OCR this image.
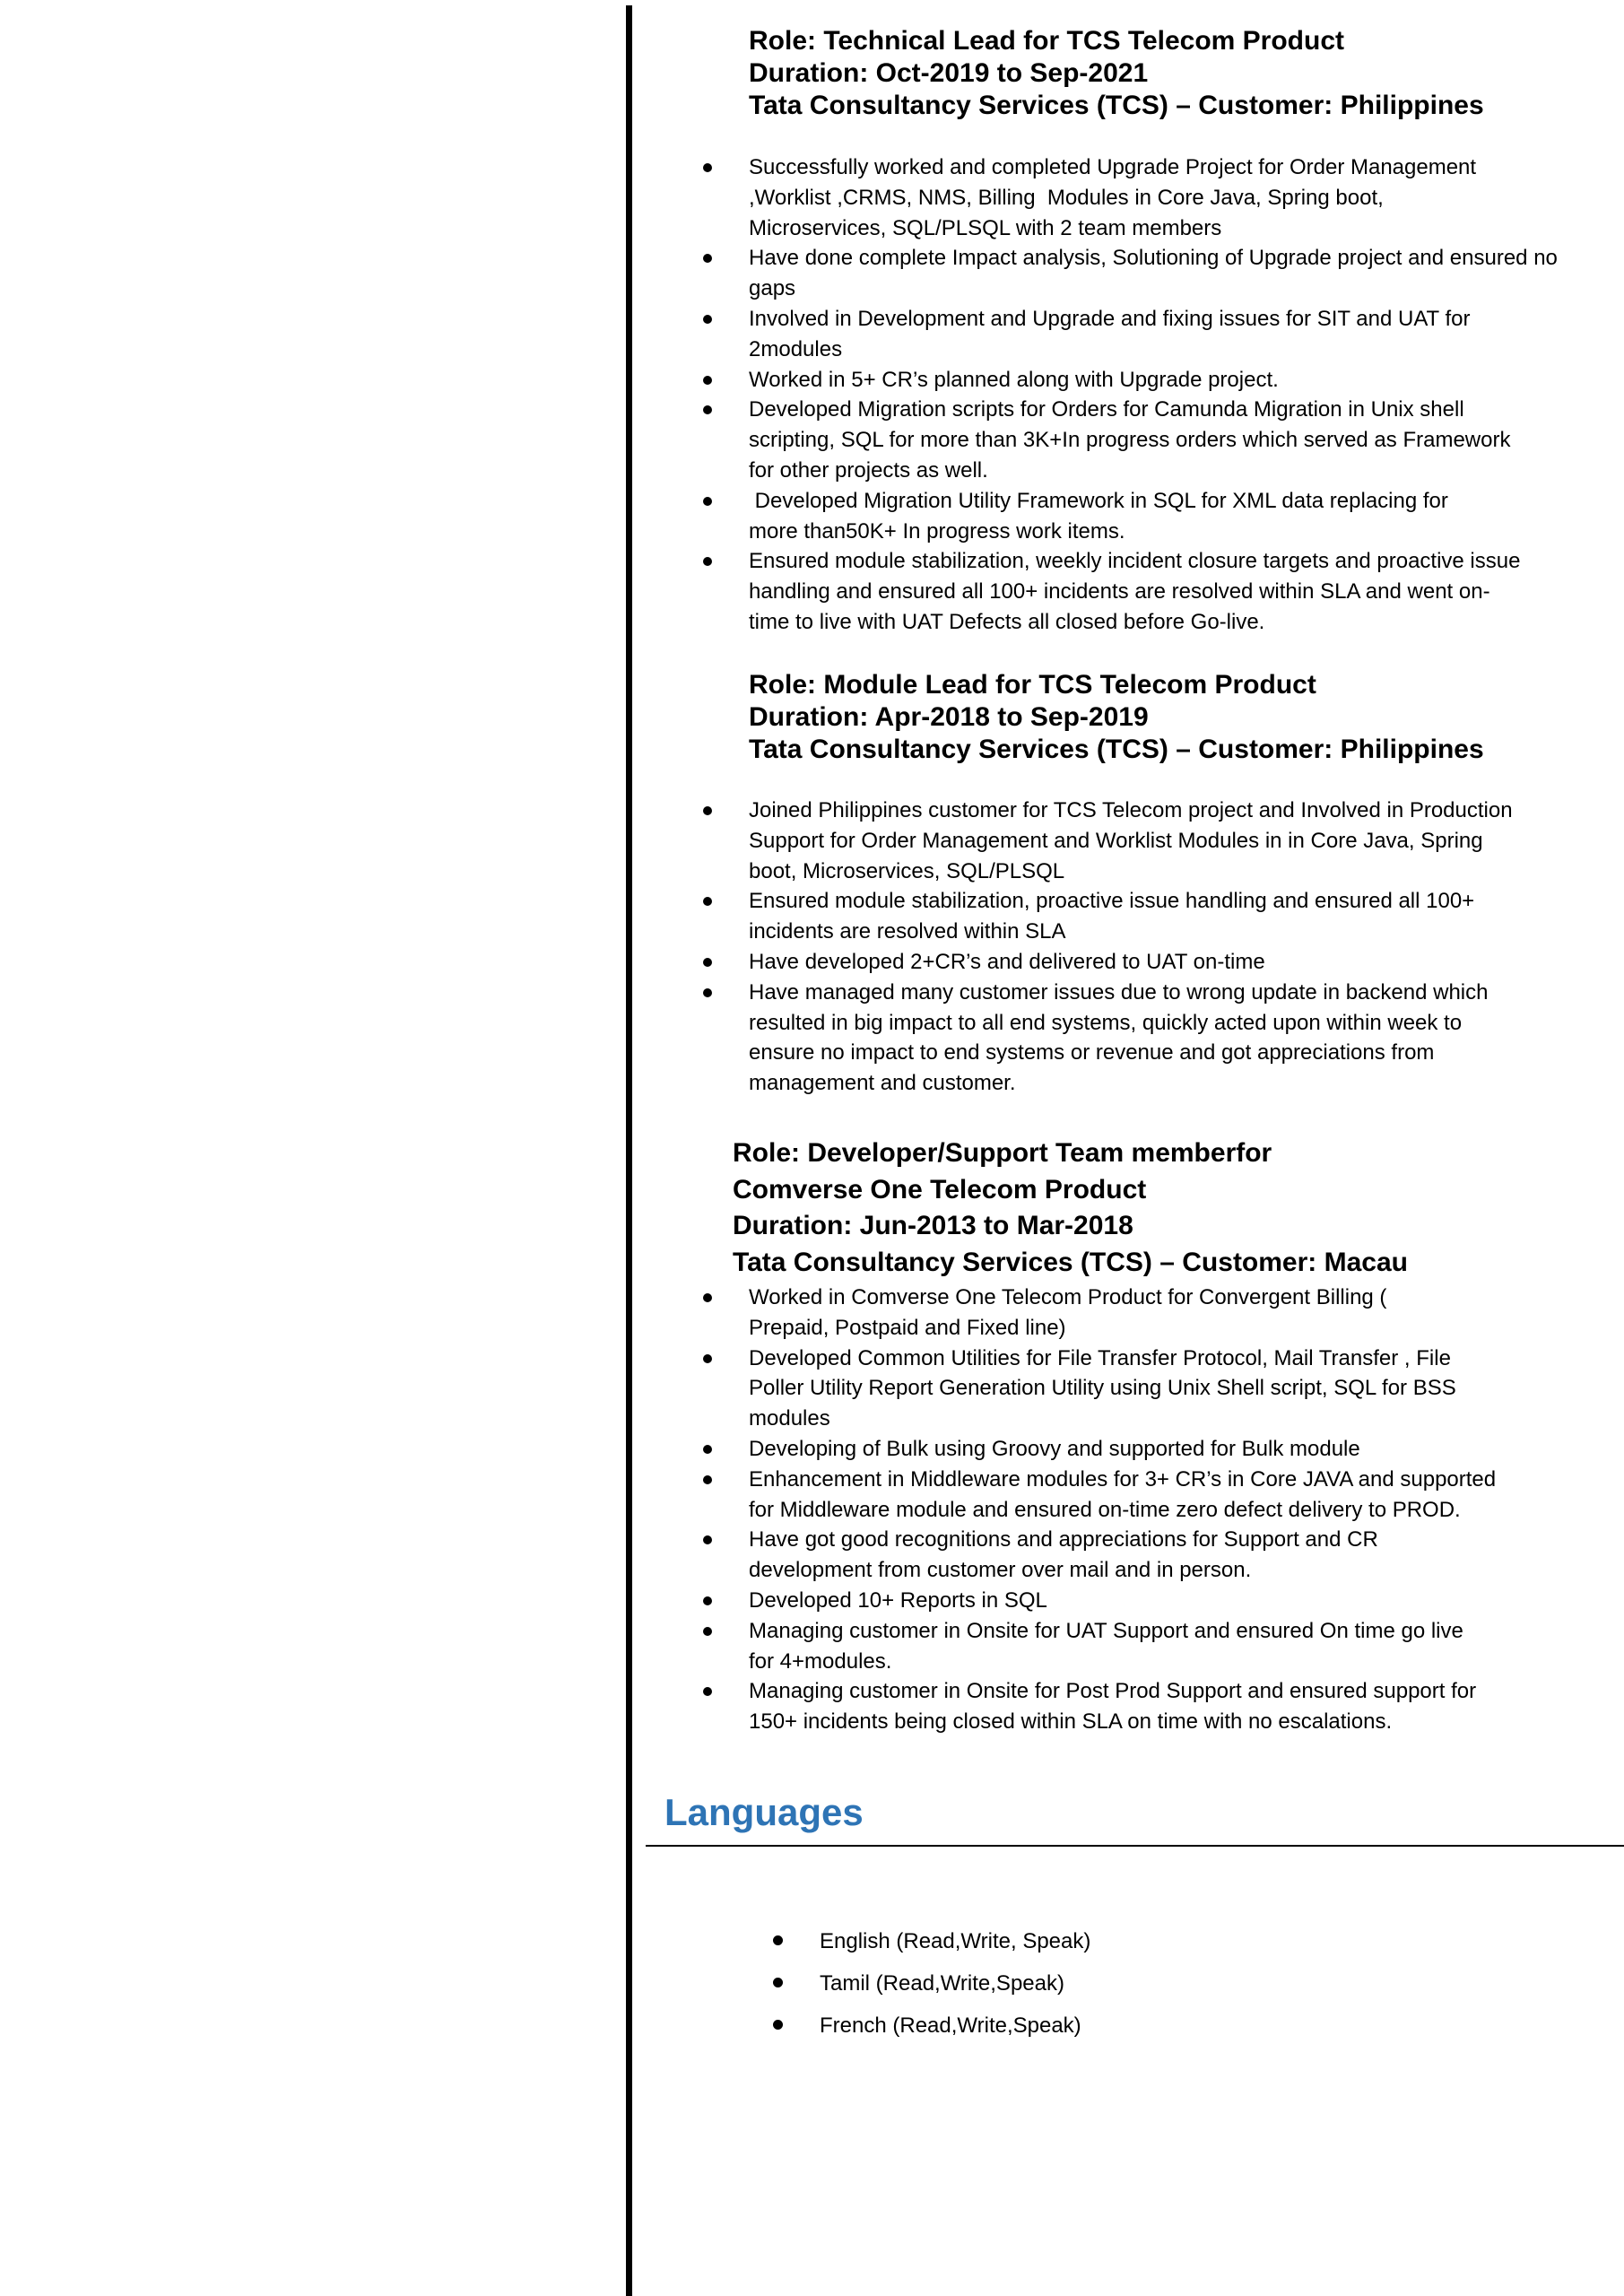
Role: Technical Lead for TCS Telecom Product
Duration: Oct-2019 to Sep-2021
Tata Consultancy Services (TCS) – Customer: Philippines
Successfully worked and completed Upgrade Project for Order Management
,Worklist ,CRMS, NMS, Billing  Modules in Core Java, Spring boot,
Microservices, SQL/PLSQL with 2 team members
Have done complete Impact analysis, Solutioning of Upgrade project and ensured no
gaps
Involved in Development and Upgrade and fixing issues for SIT and UAT for
2modules
Worked in 5+ CR’s planned along with Upgrade project.
Developed Migration scripts for Orders for Camunda Migration in Unix shell
scripting, SQL for more than 3K+In progress orders which served as Framework
for other projects as well.
Developed Migration Utility Framework in SQL for XML data replacing for
more than50K+ In progress work items.
Ensured module stabilization, weekly incident closure targets and proactive issue
handling and ensured all 100+ incidents are resolved within SLA and went on-
time to live with UAT Defects all closed before Go-live.
Role: Module Lead for TCS Telecom Product
Duration: Apr-2018 to Sep-2019
Tata Consultancy Services (TCS) – Customer: Philippines
Joined Philippines customer for TCS Telecom project and Involved in Production
Support for Order Management and Worklist Modules in in Core Java, Spring
boot, Microservices, SQL/PLSQL
Ensured module stabilization, proactive issue handling and ensured all 100+
incidents are resolved within SLA
Have developed 2+CR’s and delivered to UAT on-time
Have managed many customer issues due to wrong update in backend which
resulted in big impact to all end systems, quickly acted upon within week to
ensure no impact to end systems or revenue and got appreciations from
management and customer.
Role: Developer/Support Team memberfor
Comverse One Telecom Product
Duration: Jun-2013 to Mar-2018
Tata Consultancy Services (TCS) – Customer: Macau
Worked in Comverse One Telecom Product for Convergent Billing (
Prepaid, Postpaid and Fixed line)
Developed Common Utilities for File Transfer Protocol, Mail Transfer , File
Poller Utility Report Generation Utility using Unix Shell script, SQL for BSS
modules
Developing of Bulk using Groovy and supported for Bulk module
Enhancement in Middleware modules for 3+ CR’s in Core JAVA and supported
for Middleware module and ensured on-time zero defect delivery to PROD.
Have got good recognitions and appreciations for Support and CR
development from customer over mail and in person.
Developed 10+ Reports in SQL
Managing customer in Onsite for UAT Support and ensured On time go live
for 4+modules.
Managing customer in Onsite for Post Prod Support and ensured support for
150+ incidents being closed within SLA on time with no escalations.
Languages
English (Read,Write, Speak)
Tamil (Read,Write,Speak)
French (Read,Write,Speak)
